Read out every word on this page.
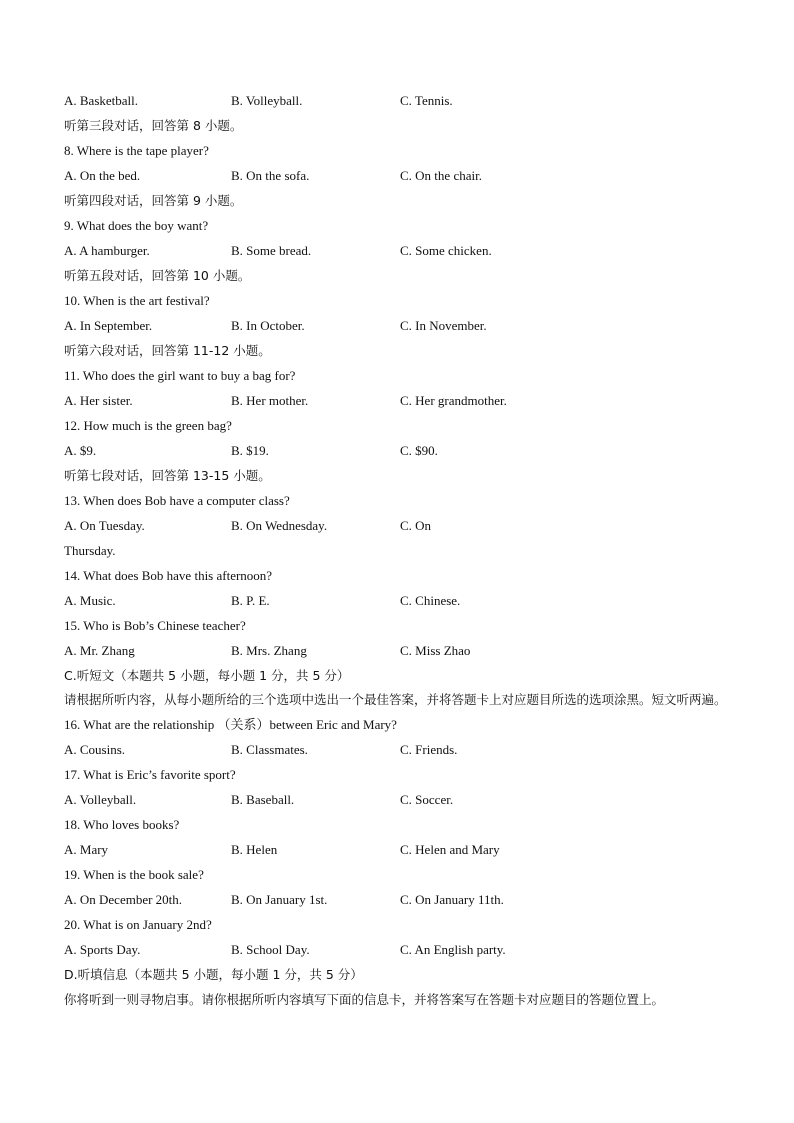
A. Basketball.	B. Volleyball.	C. Tennis.
听第三段对话，回答第 8 小题。
8. Where is the tape player?
A. On the bed.	B. On the sofa.	C. On the chair.
听第四段对话，回答第 9 小题。
9. What does the boy want?
A. A hamburger.	B. Some bread.	C. Some chicken.
听第五段对话，回答第 10 小题。
10. When is the art festival?
A. In September.	B. In October.	C. In November.
听第六段对话，回答第 11-12 小题。
11. Who does the girl want to buy a bag for?
A. Her sister.	B. Her mother.	C. Her grandmother.
12. How much is the green bag?
A. $9.	B. $19.	C. $90.
听第七段对话，回答第 13-15 小题。
13. When does Bob have a computer class?
A. On Tuesday.	B. On Wednesday.	C. On
Thursday.
14. What does Bob have this afternoon?
A. Music.	B. P. E.	C. Chinese.
15. Who is Bob’s Chinese teacher?
A. Mr. Zhang	B. Mrs. Zhang	C. Miss Zhao
C.听短文（本题共 5 小题，每小题 1 分，共 5 分）
请根据所听内容，从每小题所给的三个选项中选出一个最佳答案，并将答题卡上对应题目所选的选项涂黑。短文听两遍。
16. What are the relationship （关系）between Eric and Mary?
A. Cousins.	B. Classmates.	C. Friends.
17. What is Eric’s favorite sport?
A. Volleyball.	B. Baseball.	C. Soccer.
18. Who loves books?
A. Mary	B. Helen	C. Helen and Mary
19. When is the book sale?
A. On December 20th.	B. On January 1st.	C. On January 11th.
20. What is on January 2nd?
A. Sports Day.	B. School Day.	C. An English party.
D.听填信息（本题共 5 小题，每小题 1 分，共 5 分）
你将听到一则寻物启事。请你根据所听内容填写下面的信息卡，并将答案写在答题卡对应题目的答题位置上。
